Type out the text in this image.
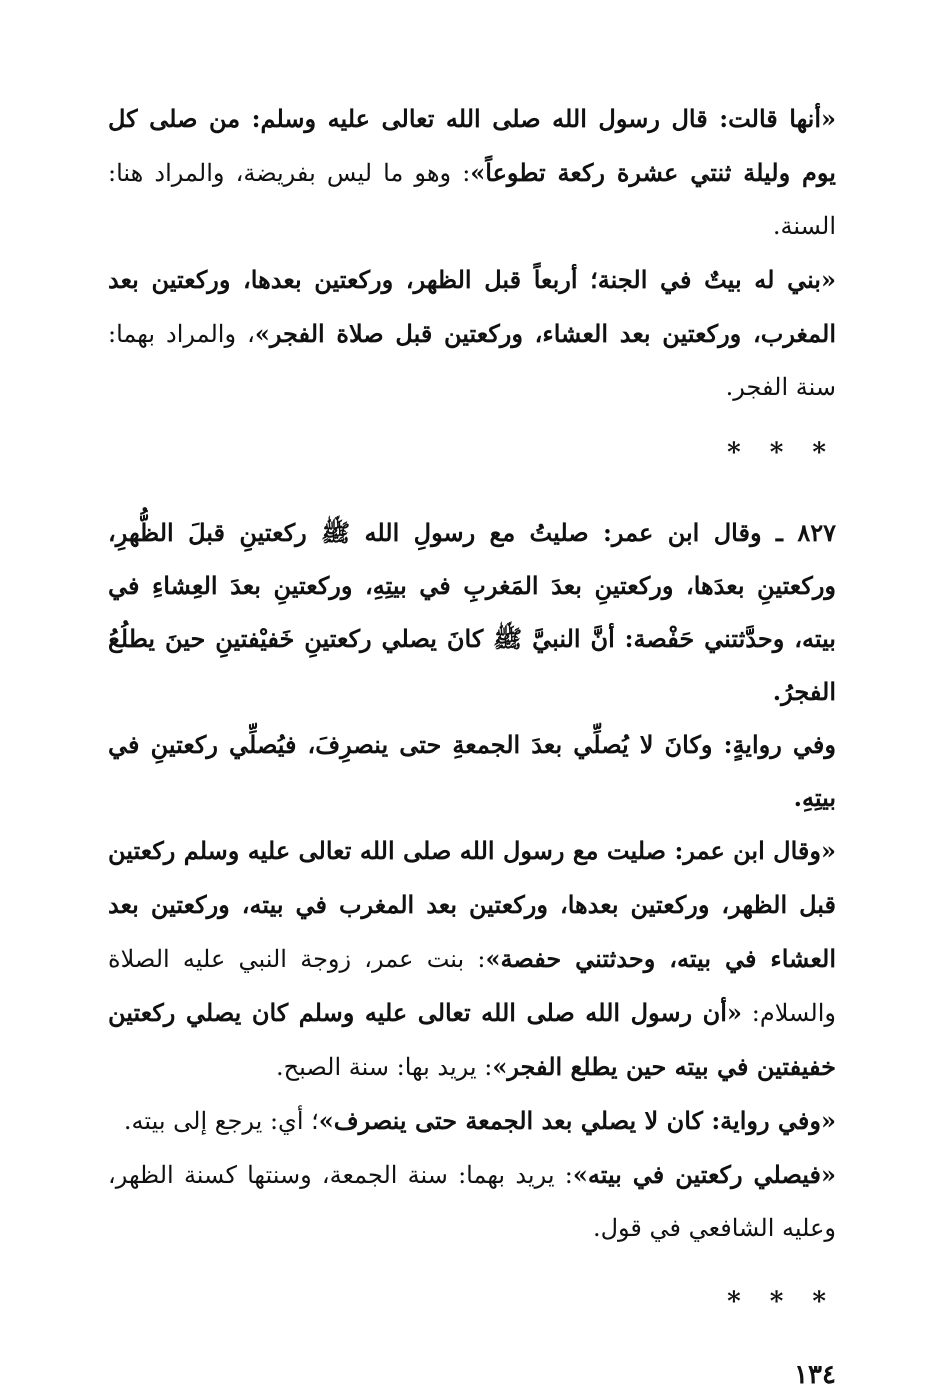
«أنها قالت: قال رسول الله صلى الله تعالى عليه وسلم: من صلى كل يوم وليلة ثنتي عشرة ركعة تطوعاً»: وهو ما ليس بفريضة، والمراد هنا: السنة.

«بني له بيتٌ في الجنة؛ أربعاً قبل الظهر، وركعتين بعدها، وركعتين بعد المغرب، وركعتين بعد العشاء، وركعتين قبل صلاة الفجر»، والمراد بهما: سنة الفجر.

* * *

٨٢٧ ـ وقال ابن عمر: صليتُ مع رسولِ الله ﷺ ركعتينِ قبلَ الظُّهرِ، وركعتينِ بعدَها، وركعتينِ بعدَ المَغربِ في بيتِهِ، وركعتينِ بعدَ العِشاءِ في بيته، وحدَّثتني حَفْصة: أنَّ النبيَّ ﷺ كانَ يصلي ركعتينِ خَفيْفتينِ حينَ يطلُعُ الفجرُ.

وفي روايةٍ: وكانَ لا يُصلِّي بعدَ الجمعةِ حتى ينصرِفَ، فيُصلِّي ركعتينِ في بيتِهِ.

«وقال ابن عمر: صليت مع رسول الله صلى الله تعالى عليه وسلم ركعتين قبل الظهر، وركعتين بعدها، وركعتين بعد المغرب في بيته، وركعتين بعد العشاء في بيته، وحدثتني حفصة»: بنت عمر، زوجة النبي عليه الصلاة والسلام: «أن رسول الله صلى الله تعالى عليه وسلم كان يصلي ركعتين خفيفتين في بيته حين يطلع الفجر»: يريد بها: سنة الصبح.

«وفي رواية: كان لا يصلي بعد الجمعة حتى ينصرف»؛ أي: يرجع إلى بيته.

«فيصلي ركعتين في بيته»: يريد بهما: سنة الجمعة، وسنتها كسنة الظهر، وعليه الشافعي في قول.

* * *
١٣٤
